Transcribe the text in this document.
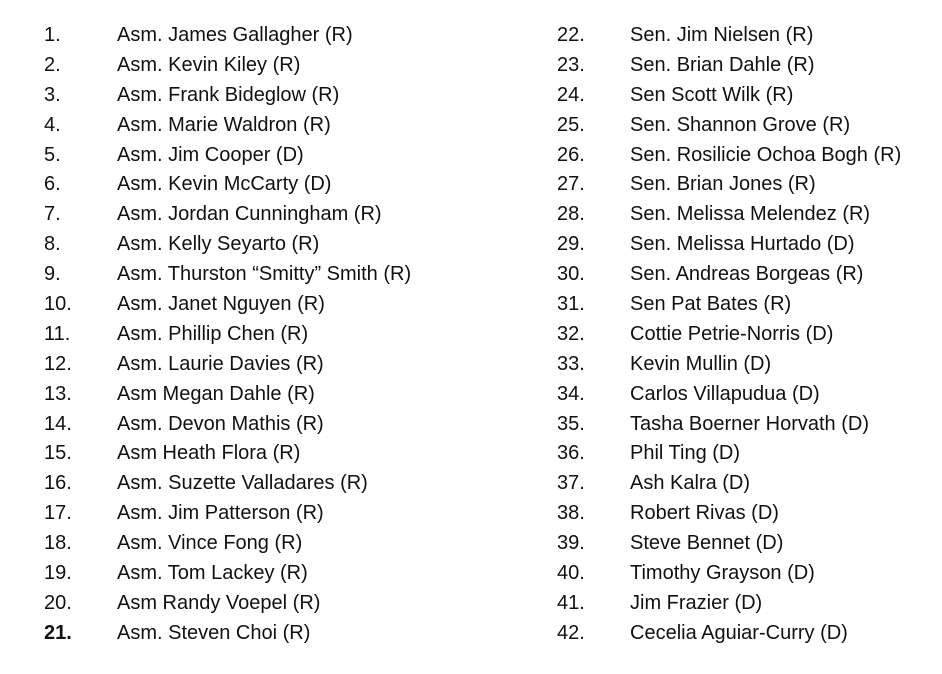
1.	Asm. James Gallagher (R)
2.	Asm. Kevin Kiley (R)
3.	Asm. Frank Bideglow (R)
4.	Asm. Marie Waldron (R)
5.	Asm. Jim Cooper (D)
6.	Asm. Kevin McCarty (D)
7.	Asm. Jordan Cunningham (R)
8.	Asm. Kelly Seyarto (R)
9.	Asm. Thurston “Smitty” Smith (R)
10.	Asm. Janet Nguyen (R)
11.	Asm. Phillip Chen (R)
12.	Asm. Laurie Davies (R)
13.	Asm Megan Dahle (R)
14.	Asm. Devon Mathis (R)
15.	Asm Heath Flora (R)
16.	Asm. Suzette Valladares (R)
17.	Asm. Jim Patterson (R)
18.	Asm. Vince Fong (R)
19.	Asm. Tom Lackey (R)
20.	Asm Randy Voepel (R)
21.	Asm. Steven Choi (R)
22.	Sen. Jim Nielsen (R)
23.	Sen. Brian Dahle (R)
24.	Sen Scott Wilk (R)
25.	Sen. Shannon Grove (R)
26.	Sen. Rosilicie Ochoa Bogh (R)
27.	Sen. Brian Jones (R)
28.	Sen. Melissa Melendez (R)
29.	Sen. Melissa Hurtado (D)
30.	Sen. Andreas Borgeas (R)
31.	Sen Pat Bates (R)
32.	Cottie Petrie-Norris (D)
33.	Kevin Mullin (D)
34.	Carlos Villapudua (D)
35.	Tasha Boerner Horvath (D)
36.	Phil Ting (D)
37.	Ash Kalra (D)
38.	Robert Rivas (D)
39.	Steve Bennet (D)
40.	Timothy Grayson (D)
41.	Jim Frazier (D)
42.	Cecelia Aguiar-Curry (D)
